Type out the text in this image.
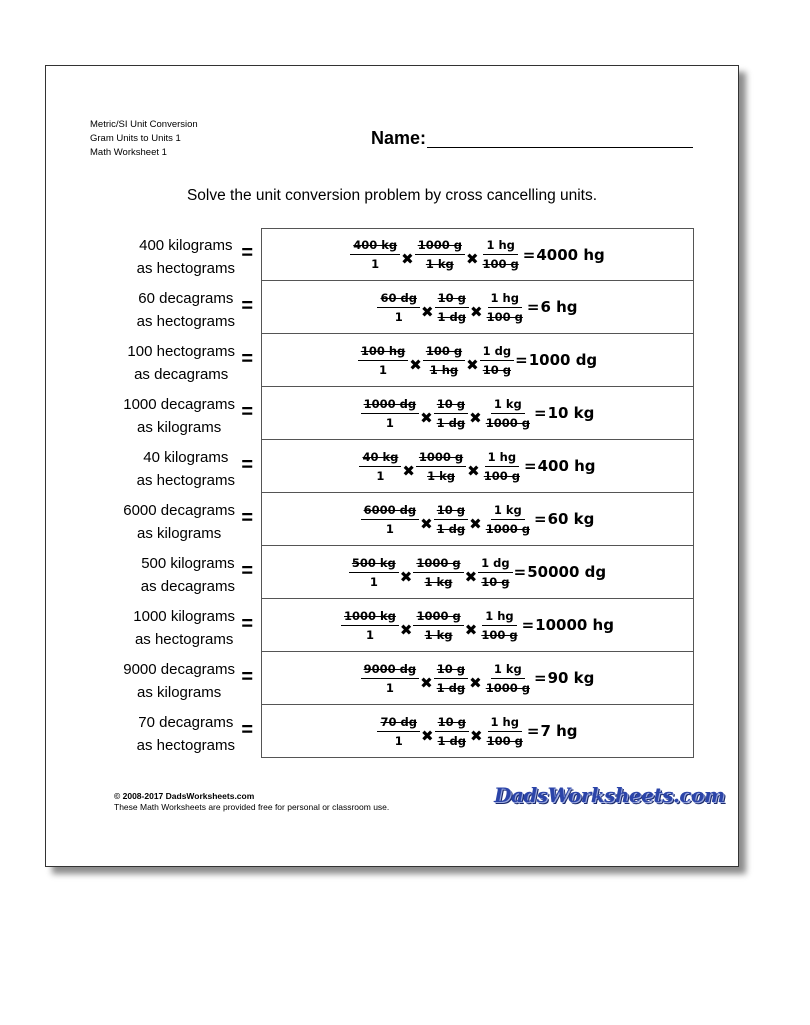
Metric/SI Unit Conversion
Gram Units to Units 1
Math Worksheet 1
Name:
Solve the unit conversion problem by cross cancelling units.
400 kilograms
as hectograms
=	$\frac{400 kg}{1}$ ✖ $\frac{1000 g}{1 kg}$ ✖ $\frac{1 hg}{100 g} = 4000$ hg
60 decagrams
as hectograms
=	$\frac{60 dg}{1}$ ✖ $\frac{10 g}{1 dg}$ ✖ $\frac{1 hg}{100 g} = 6$ hg
100 hectograms
as decagrams
=	$\frac{100 hg}{1}$ ✖ $\frac{100 g}{1 hg}$ ✖ $\frac{1 dg}{10 g} = 1000$ dg
1000 decagrams
as kilograms
=	$\frac{1000 dg}{1}$ ✖ $\frac{10 g}{1 dg}$ ✖ $\frac{1 kg}{1000 g} = 10$ kg
40 kilograms
as hectograms
=	$\frac{40 kg}{1}$ ✖ $\frac{1000 g}{1 kg}$ ✖ $\frac{1 hg}{100 g} = 400$ hg
6000 decagrams
as kilograms
=	$\frac{6000 dg}{1}$ ✖ $\frac{10 g}{1 dg}$ ✖ $\frac{1 kg}{1000 g} = 60$ kg
500 kilograms
as decagrams
=	$\frac{500 kg}{1}$ ✖ $\frac{1000 g}{1 kg}$ ✖ $\frac{1 dg}{10 g} = 50000$ dg
1000 kilograms
as hectograms
=	$\frac{1000 kg}{1}$ ✖ $\frac{1000 g}{1 kg}$ ✖ $\frac{1 hg}{100 g} = 10000$ hg
9000 decagrams
as kilograms
=	$\frac{9000 dg}{1}$ ✖ $\frac{10 g}{1 dg}$ ✖ $\frac{1 kg}{1000 g} = 90$ kg
70 decagrams
as hectograms
=	$\frac{70 dg}{1}$ ✖ $\frac{10 g}{1 dg}$ ✖ $\frac{1 hg}{100 g} = 7$ hg
© 2008-2017 DadsWorksheets.com
These Math Worksheets are provided free for personal or classroom use.	DadsWorksheets.com
